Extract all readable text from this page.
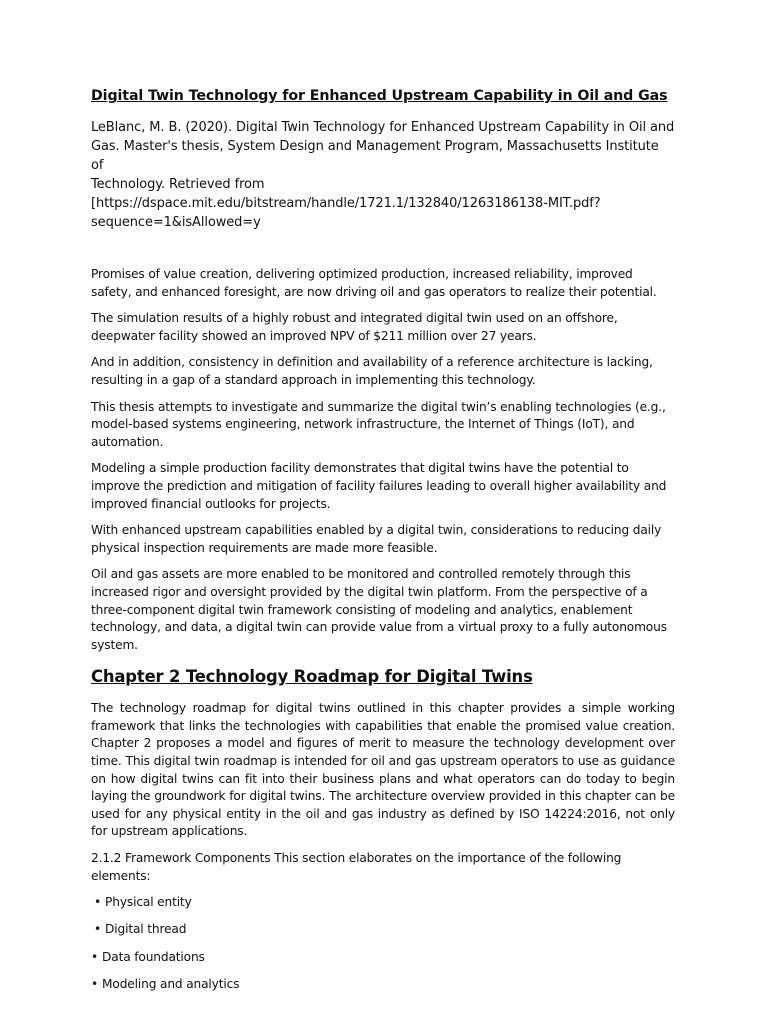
Digital Twin Technology for Enhanced Upstream Capability in Oil and Gas
LeBlanc, M. B. (2020). Digital Twin Technology for Enhanced Upstream Capability in Oil and
Gas. Master's thesis, System Design and Management Program, Massachusetts Institute of
Technology. Retrieved from
[https://dspace.mit.edu/bitstream/handle/1721.1/132840/1263186138-MIT.pdf?
sequence=1&isAllowed=y

Promises of value creation, delivering optimized production, increased reliability, improved safety, and enhanced foresight, are now driving oil and gas operators to realize their potential.

The simulation results of a highly robust and integrated digital twin used on an offshore, deepwater facility showed an improved NPV of $211 million over 27 years.

And in addition, consistency in definition and availability of a reference architecture is lacking, resulting in a gap of a standard approach in implementing this technology.

This thesis attempts to investigate and summarize the digital twin’s enabling technologies (e.g., model-based systems engineering, network infrastructure, the Internet of Things (IoT), and automation.

Modeling a simple production facility demonstrates that digital twins have the potential to improve the prediction and mitigation of facility failures leading to overall higher availability and improved financial outlooks for projects.

With enhanced upstream capabilities enabled by a digital twin, considerations to reducing daily physical inspection requirements are made more feasible.

Oil and gas assets are more enabled to be monitored and controlled remotely through this increased rigor and oversight provided by the digital twin platform. From the perspective of a three-component digital twin framework consisting of modeling and analytics, enablement technology, and data, a digital twin can provide value from a virtual proxy to a fully autonomous system.

Chapter 2 Technology Roadmap for Digital Twins

The technology roadmap for digital twins outlined in this chapter provides a simple working framework that links the technologies with capabilities that enable the promised value creation. Chapter 2 proposes a model and figures of merit to measure the technology development over time. This digital twin roadmap is intended for oil and gas upstream operators to use as guidance on how digital twins can fit into their business plans and what operators can do today to begin laying the groundwork for digital twins. The architecture overview provided in this chapter can be used for any physical entity in the oil and gas industry as defined by ISO 14224:2016, not only for upstream applications.

2.1.2 Framework Components This section elaborates on the importance of the following elements:

• Physical entity
• Digital thread
• Data foundations
• Modeling and analytics
